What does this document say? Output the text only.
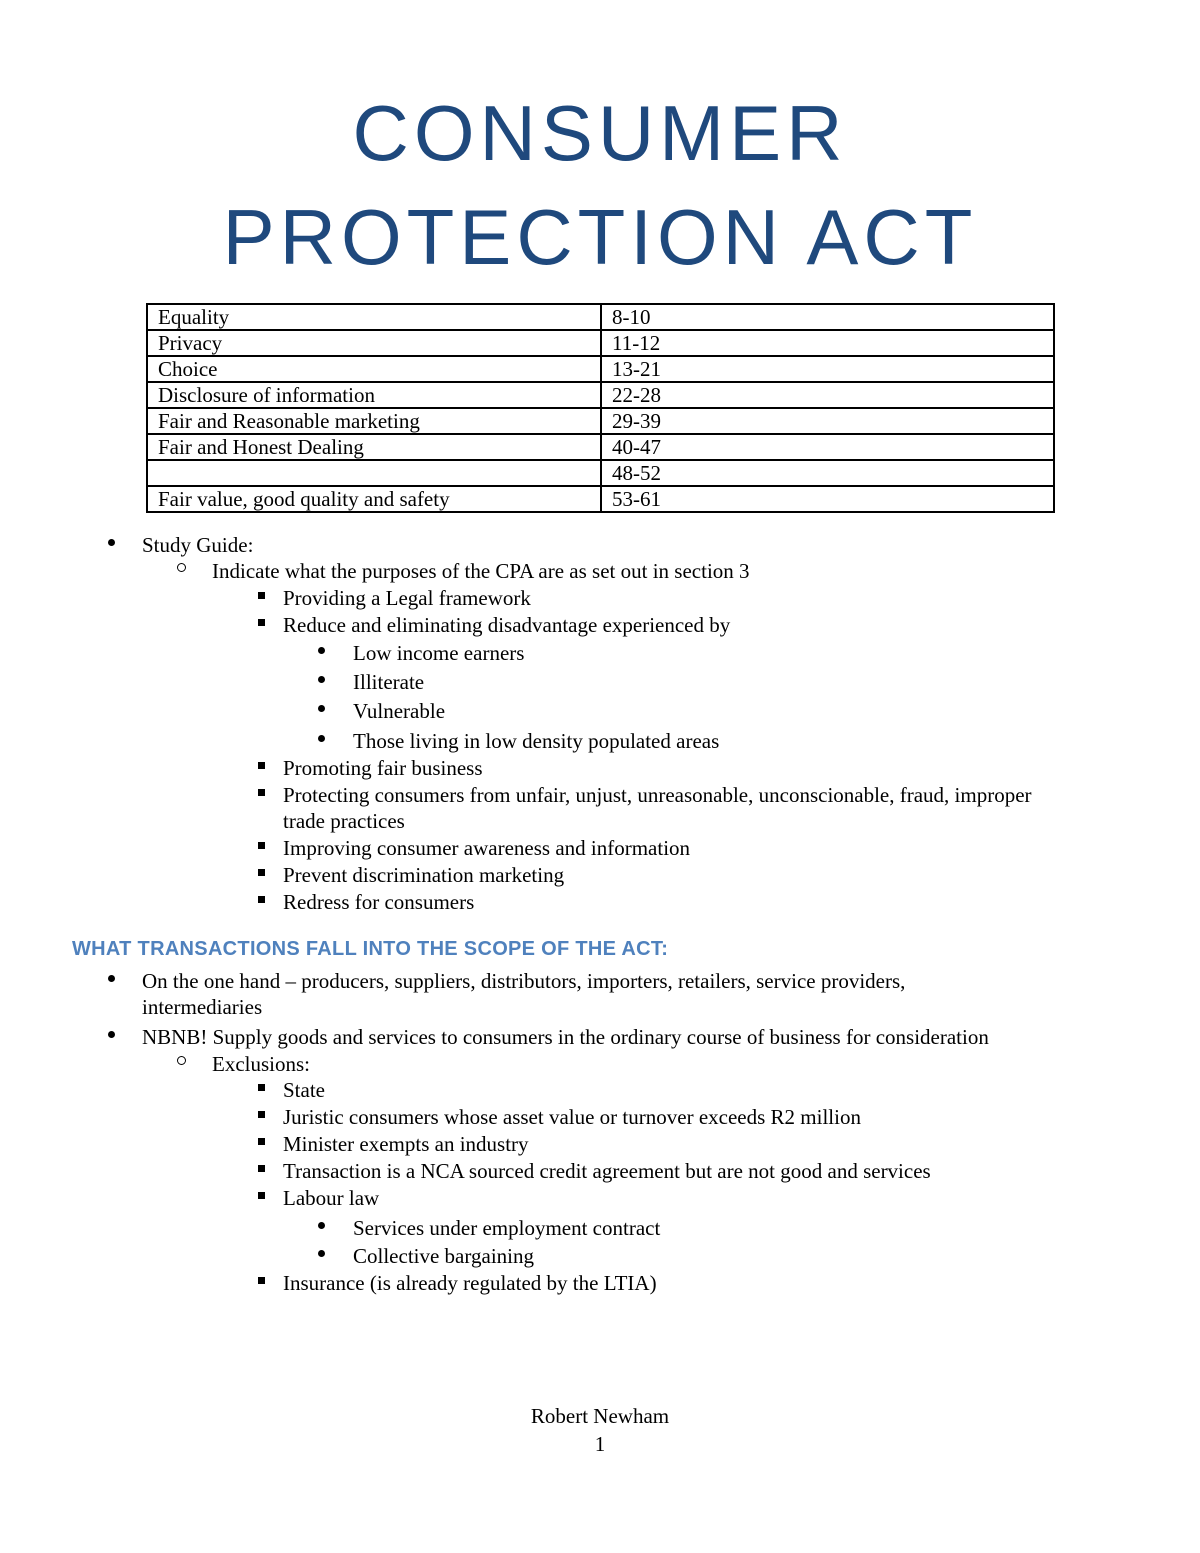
CONSUMER
PROTECTION ACT
Equality	8-10
Privacy	11-12
Choice	13-21
Disclosure of information	22-28
Fair and Reasonable marketing	29-39
Fair and Honest Dealing	40-47
	48-52
Fair value, good quality and safety	53-61
Study Guide:
Indicate what the purposes of the CPA are as set out in section 3
Providing a Legal framework
Reduce and eliminating disadvantage experienced by
Low income earners
Illiterate
Vulnerable
Those living in low density populated areas
Promoting fair business
Protecting consumers from unfair, unjust, unreasonable, unconscionable, fraud, improper
trade practices
Improving consumer awareness and information
Prevent discrimination marketing
Redress for consumers
WHAT TRANSACTIONS FALL INTO THE SCOPE OF THE ACT:
On the one hand – producers, suppliers, distributors, importers, retailers, service providers,
intermediaries
NBNB! Supply goods and services to consumers in the ordinary course of business for consideration
Exclusions:
State
Juristic consumers whose asset value or turnover exceeds R2 million
Minister exempts an industry
Transaction is a NCA sourced credit agreement but are not good and services
Labour law
Services under employment contract
Collective bargaining
Insurance (is already regulated by the LTIA)
Robert Newham
1
